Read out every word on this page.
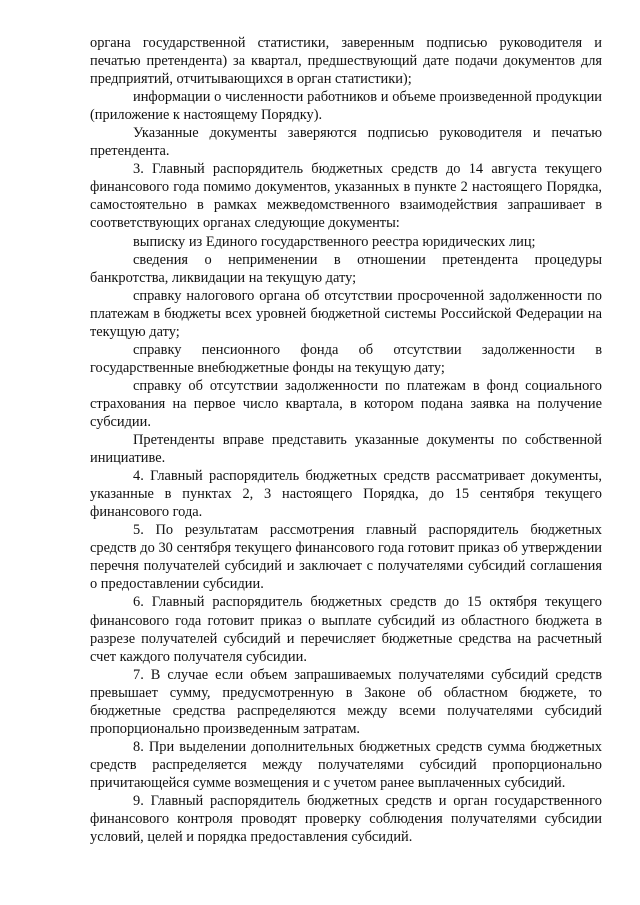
органа государственной статистики, заверенным подписью руководителя и печатью претендента) за квартал, предшествующий дате подачи документов для предприятий, отчитывающихся в орган статистики);

информации о численности работников и объеме произведенной продукции (приложение к настоящему Порядку).

Указанные документы заверяются подписью руководителя и печатью претендента.

3. Главный распорядитель бюджетных средств до 14 августа текущего финансового года помимо документов, указанных в пункте 2 настоящего Порядка, самостоятельно в рамках межведомственного взаимодействия запрашивает в соответствующих органах следующие документы:

выписку из Единого государственного реестра юридических лиц;

сведения о неприменении в отношении претендента процедуры банкротства, ликвидации на текущую дату;

справку налогового органа об отсутствии просроченной задолженности по платежам в бюджеты всех уровней бюджетной системы Российской Федерации на текущую дату;

справку пенсионного фонда об отсутствии задолженности в государственные внебюджетные фонды на текущую дату;

справку об отсутствии задолженности по платежам в фонд социального страхования на первое число квартала, в котором подана заявка на получение субсидии.

Претенденты вправе представить указанные документы по собственной инициативе.

4. Главный распорядитель бюджетных средств рассматривает документы, указанные в пунктах 2, 3 настоящего Порядка, до 15 сентября текущего финансового года.

5. По результатам рассмотрения главный распорядитель бюджетных средств до 30 сентября текущего финансового года готовит приказ об утверждении перечня получателей субсидий и заключает с получателями субсидий соглашения о предоставлении субсидии.

6. Главный распорядитель бюджетных средств до 15 октября текущего финансового года готовит приказ о выплате субсидий из областного бюджета в разрезе получателей субсидий и перечисляет бюджетные средства на расчетный счет каждого получателя субсидии.

7. В случае если объем запрашиваемых получателями субсидий средств превышает сумму, предусмотренную в Законе об областном бюджете, то бюджетные средства распределяются между всеми получателями субсидий пропорционально произведенным затратам.

8. При выделении дополнительных бюджетных средств сумма бюджетных средств распределяется между получателями субсидий пропорционально причитающейся сумме возмещения и с учетом ранее выплаченных субсидий.

9. Главный распорядитель бюджетных средств и орган государственного финансового контроля проводят проверку соблюдения получателями субсидии условий, целей и порядка предоставления субсидий.
